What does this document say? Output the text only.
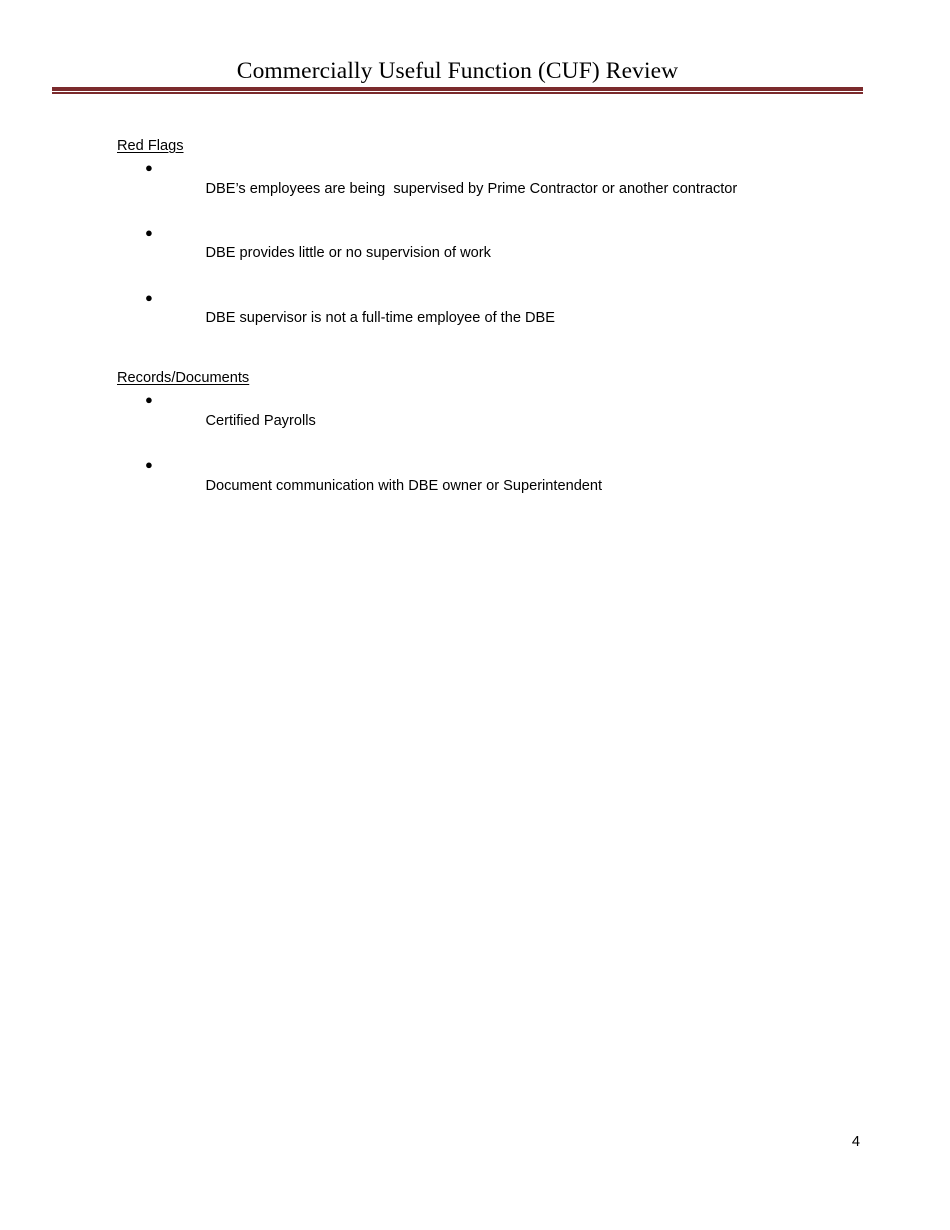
Commercially Useful Function (CUF) Review

Red Flags

●
DBE’s employees are being  supervised by Prime Contractor or another contractor

●
DBE provides little or no supervision of work

●
DBE supervisor is not a full-time employee of the DBE

Records/Documents

●
Certified Payrolls

●
Document communication with DBE owner or Superintendent

4
